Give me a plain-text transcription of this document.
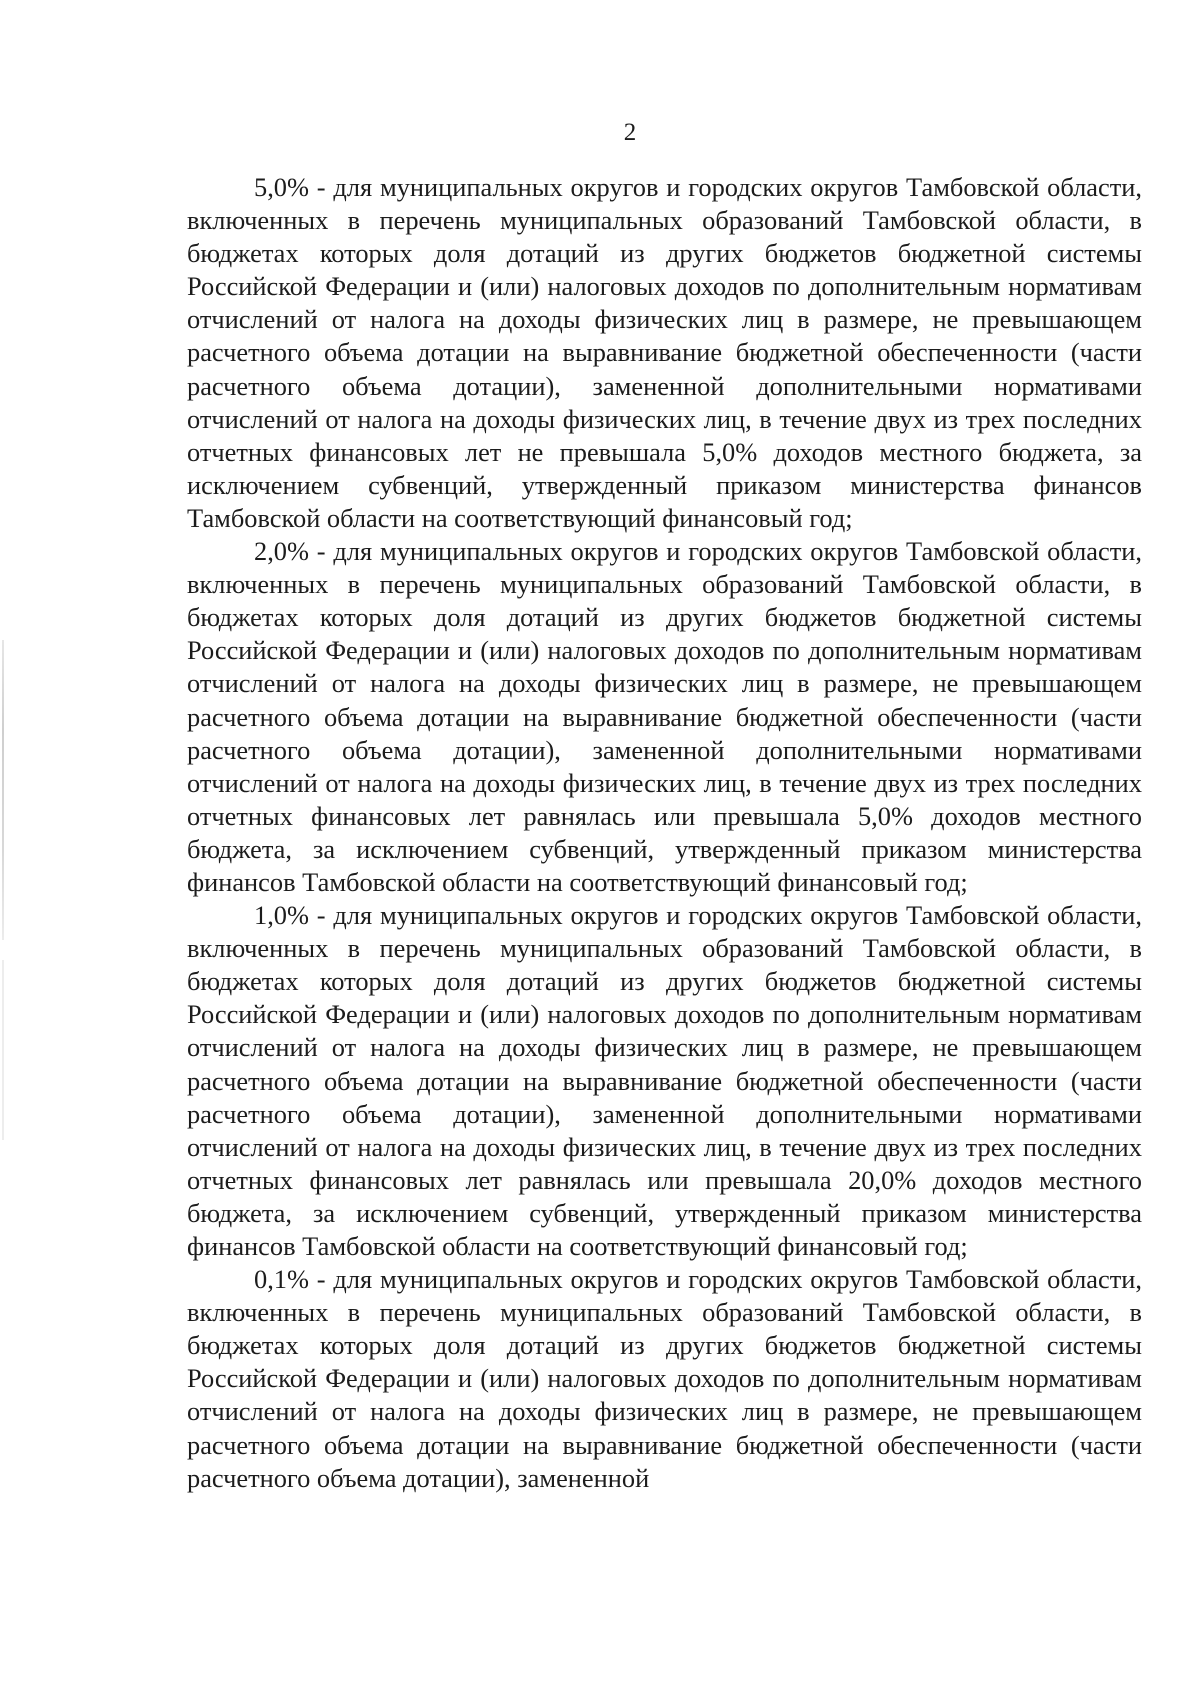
2

5,0% - для муниципальных округов и городских округов Тамбовской области, включенных в перечень муниципальных образований Тамбовской области, в бюджетах которых доля дотаций из других бюджетов бюджетной системы Российской Федерации и (или) налоговых доходов по дополнительным нормативам отчислений от налога на доходы физических лиц в размере, не превышающем расчетного объема дотации на выравнивание бюджетной обеспеченности (части расчетного объема дотации), замененной дополнительными нормативами отчислений от налога на доходы физических лиц, в течение двух из трех последних отчетных финансовых лет не превышала 5,0% доходов местного бюджета, за исключением субвенций, утвержденный приказом министерства финансов Тамбовской области на соответствующий финансовый год;

2,0% - для муниципальных округов и городских округов Тамбовской области, включенных в перечень муниципальных образований Тамбовской области, в бюджетах которых доля дотаций из других бюджетов бюджетной системы Российской Федерации и (или) налоговых доходов по дополнительным нормативам отчислений от налога на доходы физических лиц в размере, не превышающем расчетного объема дотации на выравнивание бюджетной обеспеченности (части расчетного объема дотации), замененной дополнительными нормативами отчислений от налога на доходы физических лиц, в течение двух из трех последних отчетных финансовых лет равнялась или превышала 5,0% доходов местного бюджета, за исключением субвенций, утвержденный приказом министерства финансов Тамбовской области на соответствующий финансовый год;

1,0% - для муниципальных округов и городских округов Тамбовской области, включенных в перечень муниципальных образований Тамбовской области, в бюджетах которых доля дотаций из других бюджетов бюджетной системы Российской Федерации и (или) налоговых доходов по дополнительным нормативам отчислений от налога на доходы физических лиц в размере, не превышающем расчетного объема дотации на выравнивание бюджетной обеспеченности (части расчетного объема дотации), замененной дополнительными нормативами отчислений от налога на доходы физических лиц, в течение двух из трех последних отчетных финансовых лет равнялась или превышала 20,0% доходов местного бюджета, за исключением субвенций, утвержденный приказом министерства финансов Тамбовской области на соответствующий финансовый год;

0,1% - для муниципальных округов и городских округов Тамбовской области, включенных в перечень муниципальных образований Тамбовской области, в бюджетах которых доля дотаций из других бюджетов бюджетной системы Российской Федерации и (или) налоговых доходов по дополнительным нормативам отчислений от налога на доходы физических лиц в размере, не превышающем расчетного объема дотации на выравнивание бюджетной обеспеченности (части расчетного объема дотации), замененной
